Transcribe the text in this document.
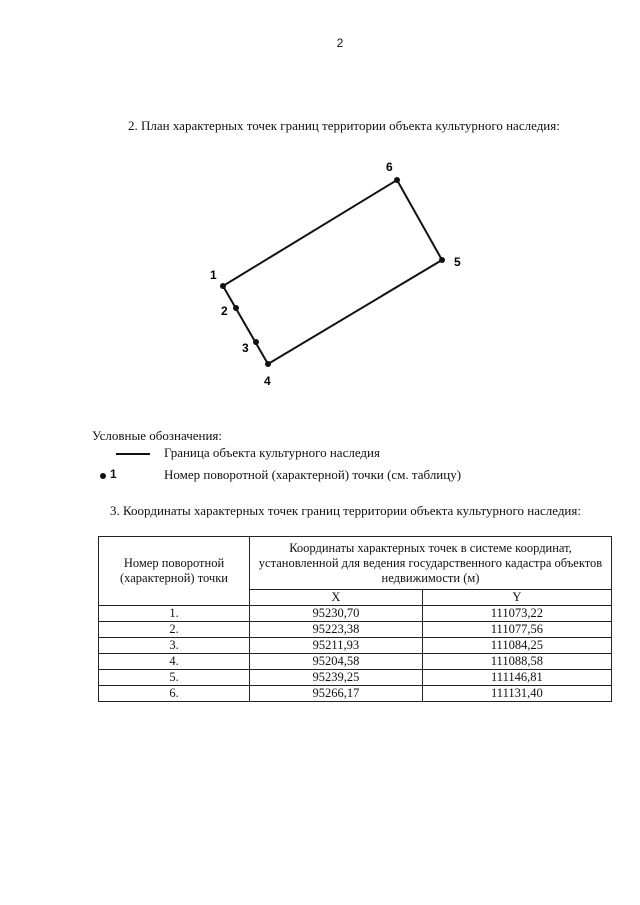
2
2. План характерных точек границ территории объекта культурного наследия:
1
2
3
4
5
6
Условные обозначения:
Граница объекта культурного наследия
1	Номер поворотной (характерной) точки (см. таблицу)
3. Координаты характерных точек границ территории объекта культурного наследия:
Номер поворотной (характерной) точки	Координаты характерных точек в системе координат, установленной для ведения государственного кадастра объектов недвижимости (м)	
	X	Y
1.	95230,70	111073,22
2.	95223,38	111077,56
3.	95211,93	111084,25
4.	95204,58	111088,58
5.	95239,25	111146,81
6.	95266,17	111131,40
